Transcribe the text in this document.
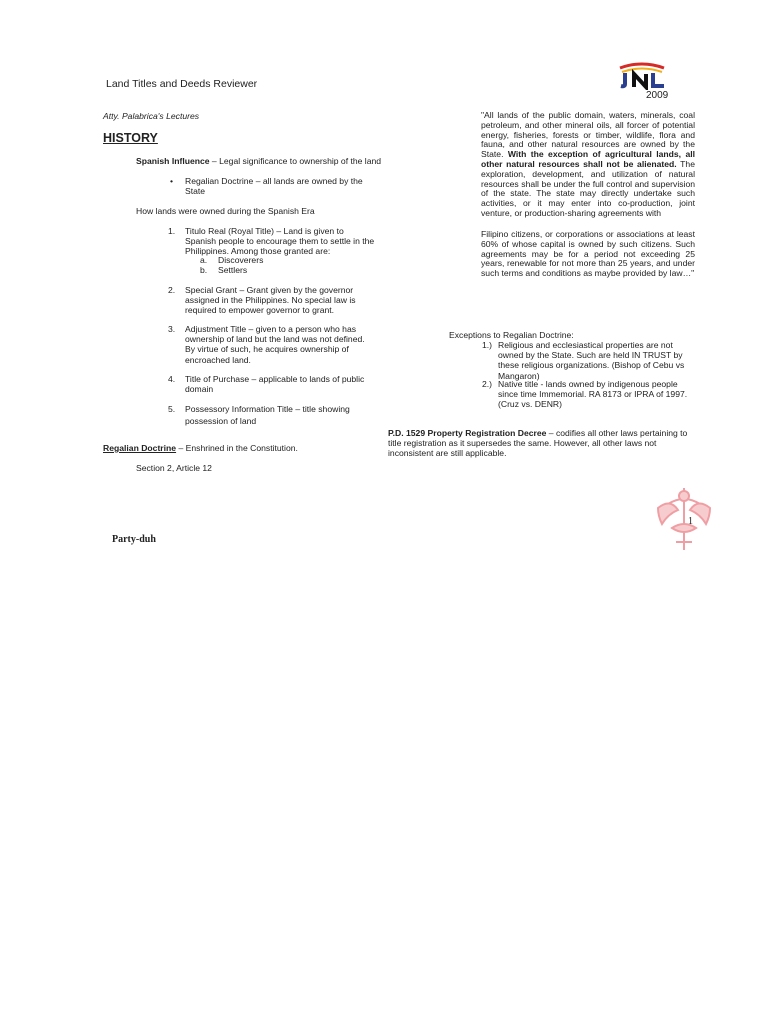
Land Titles and Deeds Reviewer
2009
Atty. Palabrica's Lectures
HISTORY
Spanish Influence – Legal significance to ownership of the land
•	Regalian Doctrine – all lands are owned by the State
How lands were owned during the Spanish Era
1. Titulo Real (Royal Title) – Land is given to Spanish people to encourage them to settle in the Philippines. Among those granted are:
a. Discoverers
b. Settlers
2. Special Grant – Grant given by the governor assigned in the Philippines. No special law is required to empower governor to grant.
3. Adjustment Title – given to a person who has ownership of land but the land was not defined. By virtue of such, he acquires ownership of encroached land.
4. Title of Purchase – applicable to lands of public domain
5. Possessory Information Title – title showing possession of land
Regalian Doctrine – Enshrined in the Constitution.
Section 2, Article 12
"All lands of the public domain, waters, minerals, coal petroleum, and other mineral oils, all forcer of potential energy, fisheries, forests or timber, wildlife, flora and fauna, and other natural resources are owned by the State. With the exception of agricultural lands, all other natural resources shall not be alienated. The exploration, development, and utilization of natural resources shall be under the full control and supervision of the state. The state may directly undertake such activities, or it may enter into co-production, joint venture, or production-sharing agreements with
Filipino citizens, or corporations or associations at least 60% of whose capital is owned by such citizens. Such agreements may be for a period not exceeding 25 years, renewable for not more than 25 years, and under such terms and conditions as maybe provided by law…"
Exceptions to Regalian Doctrine:
1.) Religious and ecclesiastical properties are not owned by the State. Such are held IN TRUST by these religious organizations. (Bishop of Cebu vs Mangaron)
2.) Native title - lands owned by indigenous people since time Immemorial. RA 8173 or IPRA of 1997. (Cruz vs. DENR)
P.D. 1529 Property Registration Decree – codifies all other laws pertaining to title registration as it supersedes the same. However, all other laws not inconsistent are still applicable.
1
Party-duh
